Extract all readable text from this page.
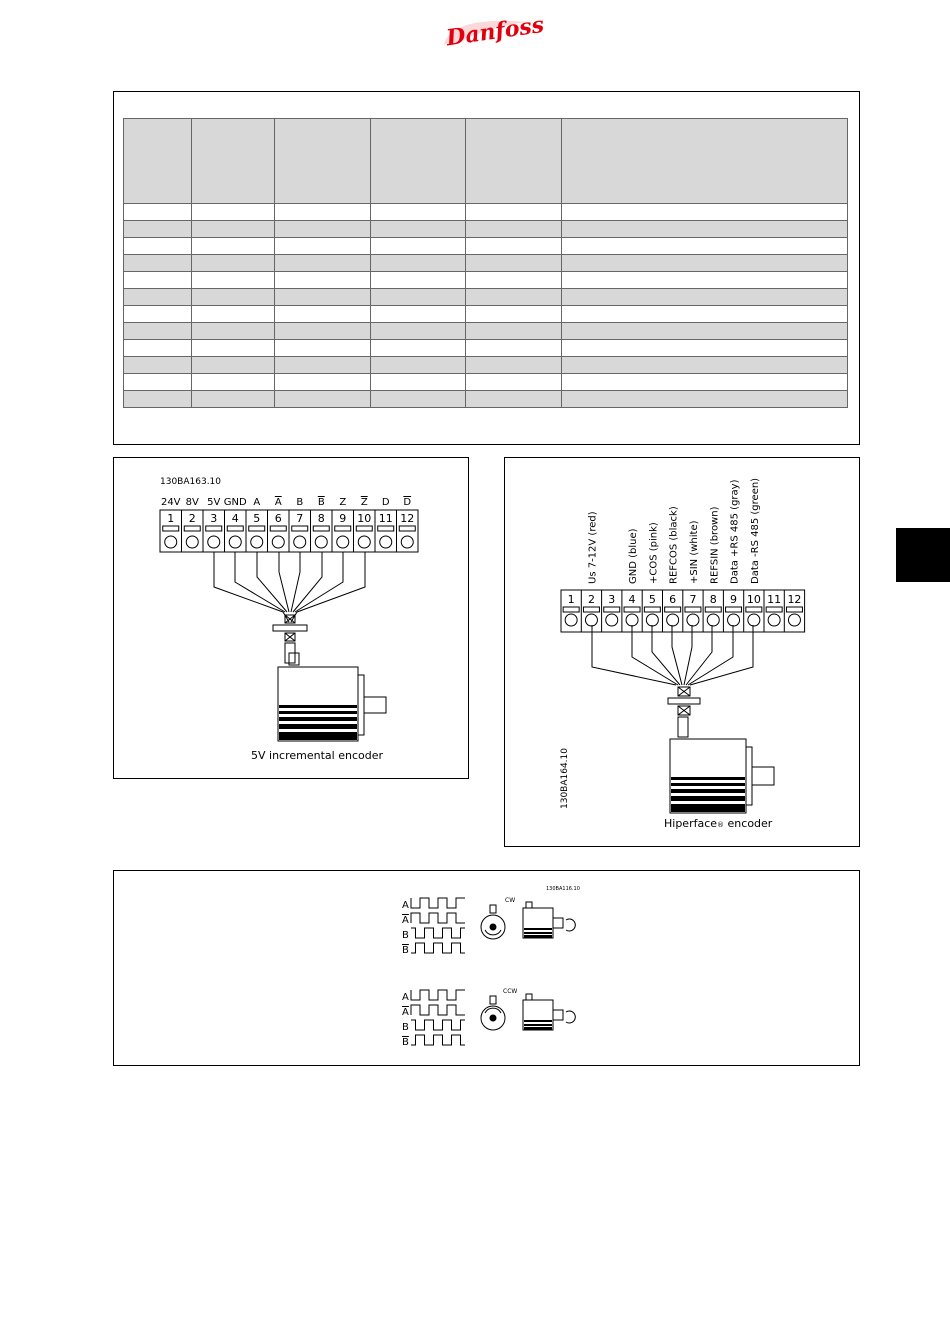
Danfoss

130BA163.10
24V
1
8V
2
5V
3
GND
4
A
5
A
6
B
7
B
8
Z
9
Z
10
D
11
D
12
5V incremental encoder
Us 7-12V (red)	GND (blue) +COS (pink) REFCOS (black) +SIN (white) REFSIN (brown) Data +RS 485 (gray) Data -RS 485 (green)
1 2 3 4 5 6 7 8 9 10 11 12
130BA164.10
Hiperface® encoder
130BA116.10
A
A
B
B
A
A
B
B
CW
CCW
